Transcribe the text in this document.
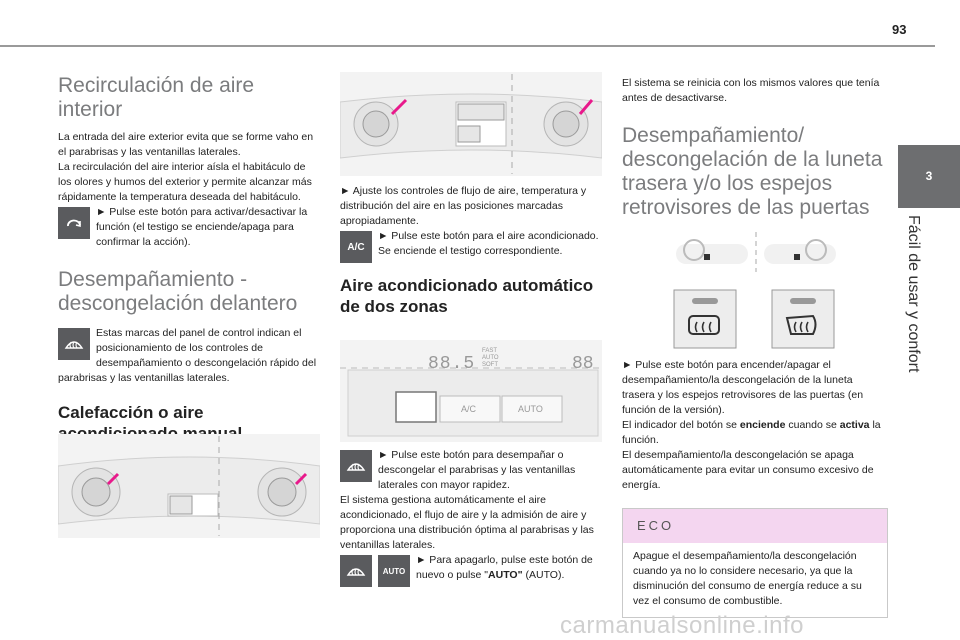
93
3
Fácil de usar y confort
Recirculación de aire interior
La entrada del aire exterior evita que se forme vaho en el parabrisas y las ventanillas laterales.
La recirculación del aire interior aísla el habitáculo de los olores y humos del exterior y permite alcanzar más rápidamente la temperatura deseada del habitáculo.
► Pulse este botón para activar/desactivar la función (el testigo se enciende/apaga para confirmar la acción).
Desempañamiento - descongelación delantero
Estas marcas del panel de control indican el posicionamiento de los controles de desempañamiento o descongelación rápido del parabrisas y las ventanillas laterales.
Calefacción o aire
► Ajuste los controles de flujo de aire, temperatura y distribución del aire en las posiciones marcadas apropiadamente.
A/C
► Pulse este botón para el aire acondicionado. Se enciende el testigo correspondiente.
Aire acondicionado automático de dos zonas
88.5
FAST
AUTO
SOFT	88
A/C	AUTO
► Pulse este botón para desempañar o descongelar el parabrisas y las ventanillas laterales con mayor rapidez.
El sistema gestiona automáticamente el aire acondicionado, el flujo de aire y la admisión de aire y proporciona una distribución óptima al parabrisas y las ventanillas laterales.
AUTO
► Para apagarlo, pulse este botón de nuevo o pulse "AUTO" (AUTO).
El sistema se reinicia con los mismos valores que tenía antes de desactivarse.
Desempañamiento/ descongelación de la luneta trasera y/o los espejos retrovisores de las puertas
► Pulse este botón para encender/apagar el desempañamiento/la descongelación de la luneta trasera y los espejos retrovisores de las puertas (en función de la versión).
El indicador del botón se enciende cuando se activa la función.
El desempañamiento/la descongelación se apaga automáticamente para evitar un consumo excesivo de energía.
ECO
Apague el desempañamiento/la descongelación cuando ya no lo considere necesario, ya que la disminución del consumo de energía reduce a su vez el consumo de combustible.
carmanualsonline.info
